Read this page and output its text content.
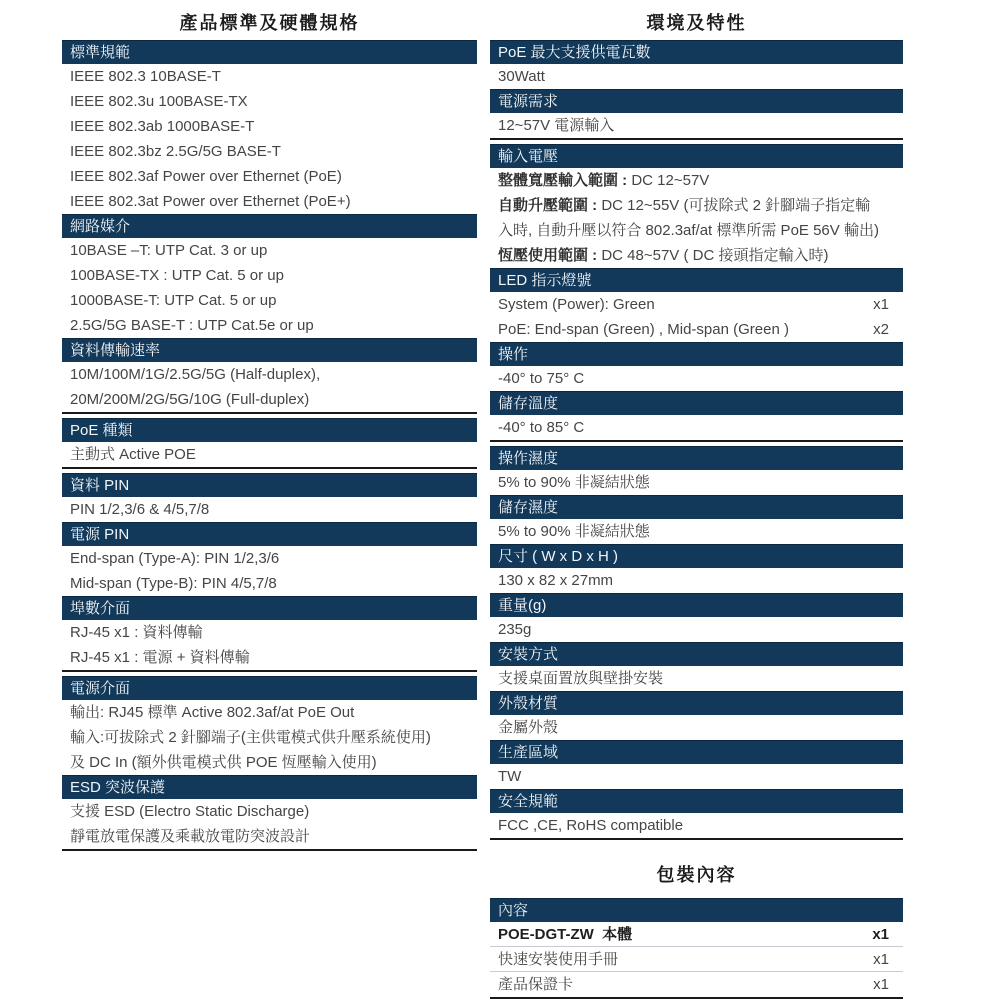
產品標準及硬體規格
標準規範
IEEE 802.3 10BASE-T
IEEE 802.3u 100BASE-TX
IEEE 802.3ab 1000BASE-T
IEEE 802.3bz 2.5G/5G BASE-T
IEEE 802.3af Power over Ethernet (PoE)
IEEE 802.3at Power over Ethernet (PoE+)
網路媒介
10BASE –T: UTP Cat. 3 or up
100BASE-TX : UTP Cat. 5 or up
1000BASE-T: UTP Cat. 5 or up
2.5G/5G BASE-T : UTP Cat.5e or up
資料傳輸速率
10M/100M/1G/2.5G/5G (Half-duplex),
20M/200M/2G/5G/10G (Full-duplex)
PoE 種類
主動式 Active POE
資料 PIN
PIN 1/2,3/6 & 4/5,7/8
電源 PIN
End-span (Type-A): PIN 1/2,3/6
Mid-span (Type-B): PIN 4/5,7/8
埠數介面
RJ-45 x1 : 資料傳輸
RJ-45 x1 : 電源 + 資料傳輸
電源介面
輸出: RJ45 標準 Active 802.3af/at PoE Out
輸入:可拔除式 2 針腳端子(主供電模式供升壓系統使用)
及 DC In (額外供電模式供 POE 恆壓輸入使用)
ESD 突波保護
支援 ESD (Electro Static Discharge)
靜電放電保護及乘載放電防突波設計
環境及特性
PoE 最大支援供電瓦數
30Watt
電源需求
12~57V 電源輸入
輸入電壓
整體寬壓輸入範圍 : DC 12~57V
自動升壓範圍 : DC 12~55V (可拔除式 2 針腳端子指定輸
入時, 自動升壓以符合 802.3af/at 標準所需 PoE 56V 輸出)
恆壓使用範圍 : DC 48~57V ( DC 接頭指定輸入時)
LED 指示燈號
System (Power): Green	x1
PoE: End-span (Green) , Mid-span (Green )	x2
操作
-40° to 75° C
儲存溫度
-40° to 85° C
操作濕度
5% to 90% 非凝結狀態
儲存濕度
5% to 90% 非凝結狀態
尺寸 ( W x D x H )
130 x 82 x 27mm
重量(g)
235g
安裝方式
支援桌面置放與壁掛安裝
外殼材質
金屬外殼
生產區域
TW
安全規範
FCC ,CE, RoHS compatible
包裝內容
內容
POE-DGT-ZW  本體	x1
快速安裝使用手冊	x1
產品保證卡	x1
